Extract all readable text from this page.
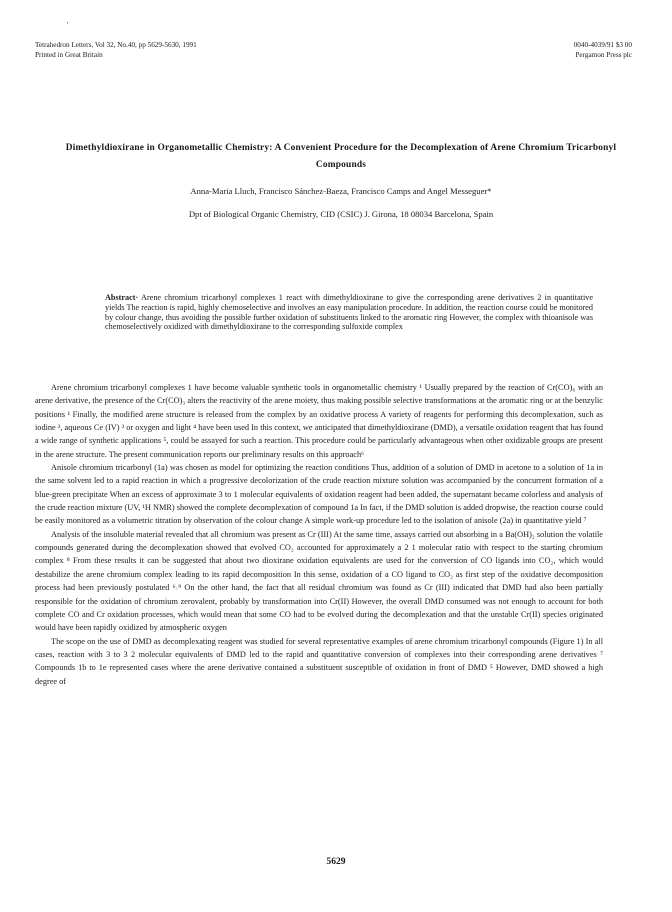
'
Tetrahedron Letters, Vol 32, No.40, pp 5629-5630, 1991
Printed in Great Britain
0040-4039/91 $3 00
Pergamon Press plc
Dimethyldioxirane in Organometallic Chemistry: A Convenient Procedure for the Decomplexation of Arene Chromium Tricarbonyl Compounds
Anna-Maria Lluch, Francisco Sánchez-Baeza, Francisco Camps and Angel Messeguer*
Dpt of Biological Organic Chemistry, CID (CSIC) J. Girona, 18 08034 Barcelona, Spain
Abstract· Arene chromium tricarbonyl complexes 1 react with dimethyldioxirane to give the corresponding arene derivatives 2 in quantitative yields The reaction is rapid, highly chemoselective and involves an easy manipulation procedure. In addition, the reaction course could be monitored by colour change, thus avoiding the possible further oxidation of substituents linked to the aromatic ring However, the complex with thioanisole was chemoselectively oxidized with dimethyldioxirane to the corresponding sulfoxide complex

Arene chromium tricarbonyl complexes 1 have become valuable synthetic tools in organometallic chemistry ¹ Usually prepared by the reaction of Cr(CO)₆ with an arene derivative, the presence of the Cr(CO)₃ alters the reactivity of the arene moiety, thus making possible selective transformations at the aromatic ring or at the benzylic positions ¹ Finally, the modified arene structure is released from the complex by an oxidative process A variety of reagents for performing this decomplexation, such as iodine ², aqueous Ce (IV) ³ or oxygen and light ⁴ have been used In this context, we anticipated that dimethyldioxirane (DMD), a versatile oxidation reagent that has found a wide range of synthetic applications ⁵, could be assayed for such a reaction. This procedure could be particularly advantageous when other oxidizable groups are present in the arene structure. The present communication reports our preliminary results on this approach⁶

Anisole chromium tricarbonyl (1a) was chosen as model for optimizing the reaction conditions Thus, addition of a solution of DMD in acetone to a solution of 1a in the same solvent led to a rapid reaction in which a progressive decolorization of the crude reaction mixture solution was accompanied by the concurrent formation of a blue-green precipitate When an excess of approximate 3 to 1 molecular equivalents of oxidation reagent had been added, the supernatant became colorless and analysis of the crude reaction mixture (UV, ¹H NMR) showed the complete decomplexation of compound 1a In fact, if the DMD solution is added dropwise, the reaction course could be easily monitored as a volumetric titration by observation of the colour change A simple work-up procedure led to the isolation of anisole (2a) in quantitative yield ⁷

Analysis of the insoluble material revealed that all chromium was present as Cr (III) At the same time, assays carried out absorbing in a Ba(OH)₂ solution the volatile compounds generated during the decomplexation showed that evolved CO₂ accounted for approximately a 2 1 molecular ratio with respect to the starting chromium complex ⁸ From these results it can be suggested that about two dioxirane oxidation equivalents are used for the conversion of CO ligands into CO₂, which would destabilize the arene chromium complex leading to its rapid decomposition In this sense, oxidation of a CO ligand to CO₂ as first step of the oxidative decomposition process had been previously postulated ⁶˒⁹ On the other hand, the fact that all residual chromium was found as Cr (III) indicated that DMD had also been partially responsible for the oxidation of chromium zerovalent, probably by transformation into Cr(II) However, the overall DMD consumed was not enough to account for both complete CO and Cr oxidation processes, which would mean that some CO had to be evolved during the decomplexation and that the unstable Cr(II) species originated would have been rapidly oxidized by atmospheric oxygen

The scope on the use of DMD as decomplexating reagent was studied for several representative examples of arene chromium tricarbonyl compounds (Figure 1) In all cases, reaction with 3 to 3 2 molecular equivalents of DMD led to the rapid and quantitative conversion of complexes into their corresponding arene derivatives ⁷ Compounds 1b to 1e represented cases where the arene derivative contained a substituent susceptible of oxidation in front of DMD ⁵ However, DMD showed a high degree of

5629
